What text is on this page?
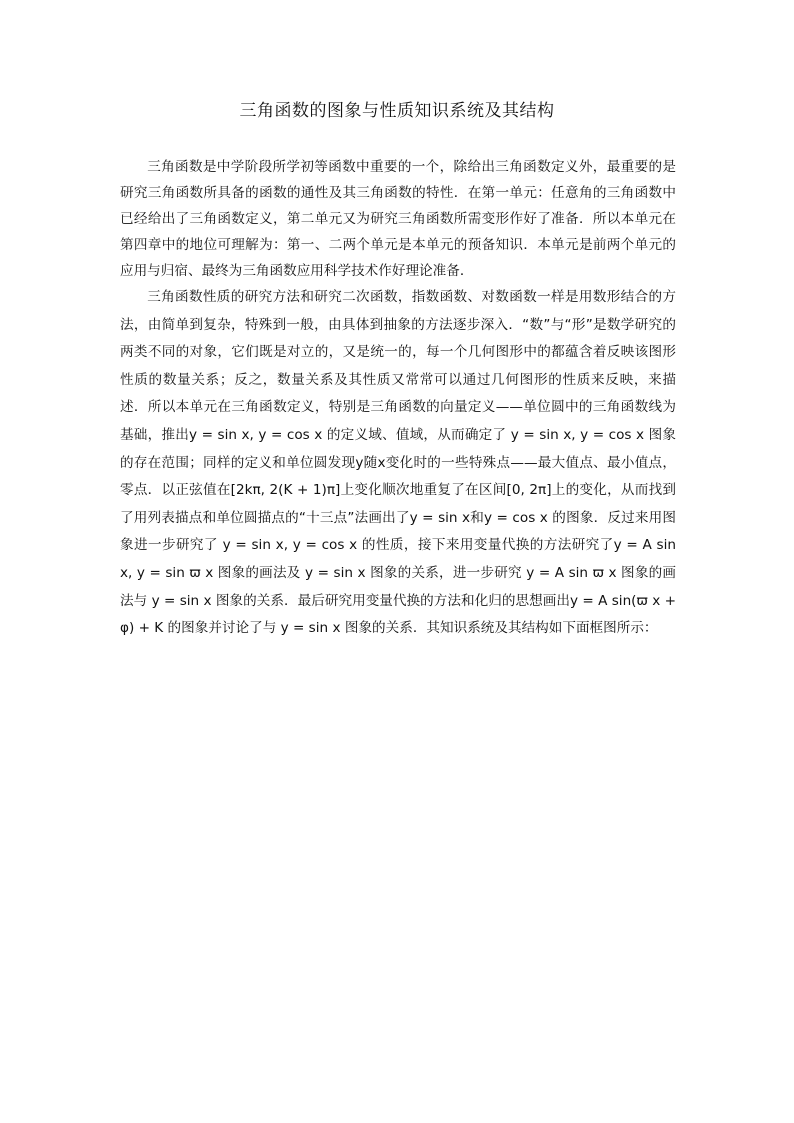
三角函数的图象与性质知识系统及其结构

三角函数是中学阶段所学初等函数中重要的一个，除给出三角函数定义外，最重要的是研究三角函数所具备的函数的通性及其三角函数的特性．在第一单元：任意角的三角函数中已经给出了三角函数定义，第二单元又为研究三角函数所需变形作好了准备．所以本单元在第四章中的地位可理解为：第一、二两个单元是本单元的预备知识．本单元是前两个单元的应用与归宿、最终为三角函数应用科学技术作好理论准备．

三角函数性质的研究方法和研究二次函数，指数函数、对数函数一样是用数形结合的方法，由简单到复杂，特殊到一般，由具体到抽象的方法逐步深入．“数”与“形”是数学研究的两类不同的对象，它们既是对立的，又是统一的，每一个几何图形中的都蕴含着反映该图形性质的数量关系；反之，数量关系及其性质又常常可以通过几何图形的性质来反映，来描述．所以本单元在三角函数定义，特别是三角函数的向量定义——单位圆中的三角函数线为基础，推出y = sin x, y = cos x 的定义域、值域，从而确定了 y = sin x, y = cos x 图象的存在范围；同样的定义和单位圆发现y随x变化时的一些特殊点——最大值点、最小值点，零点．以正弦值在[2kπ, 2(K + 1)π]上变化顺次地重复了在区间[0, 2π]上的变化，从而找到了用列表描点和单位圆描点的“十三点”法画出了y = sin x和y = cos x 的图象．反过来用图象进一步研究了 y = sin x, y = cos x 的性质，接下来用变量代换的方法研究了y = A sin x, y = sin ϖ x 图象的画法及 y = sin x 图象的关系，进一步研究 y = A sin ϖ x 图象的画法与 y = sin x 图象的关系．最后研究用变量代换的方法和化归的思想画出y = A sin(ϖ x + φ) + K 的图象并讨论了与 y = sin x 图象的关系．其知识系统及其结构如下面框图所示：
